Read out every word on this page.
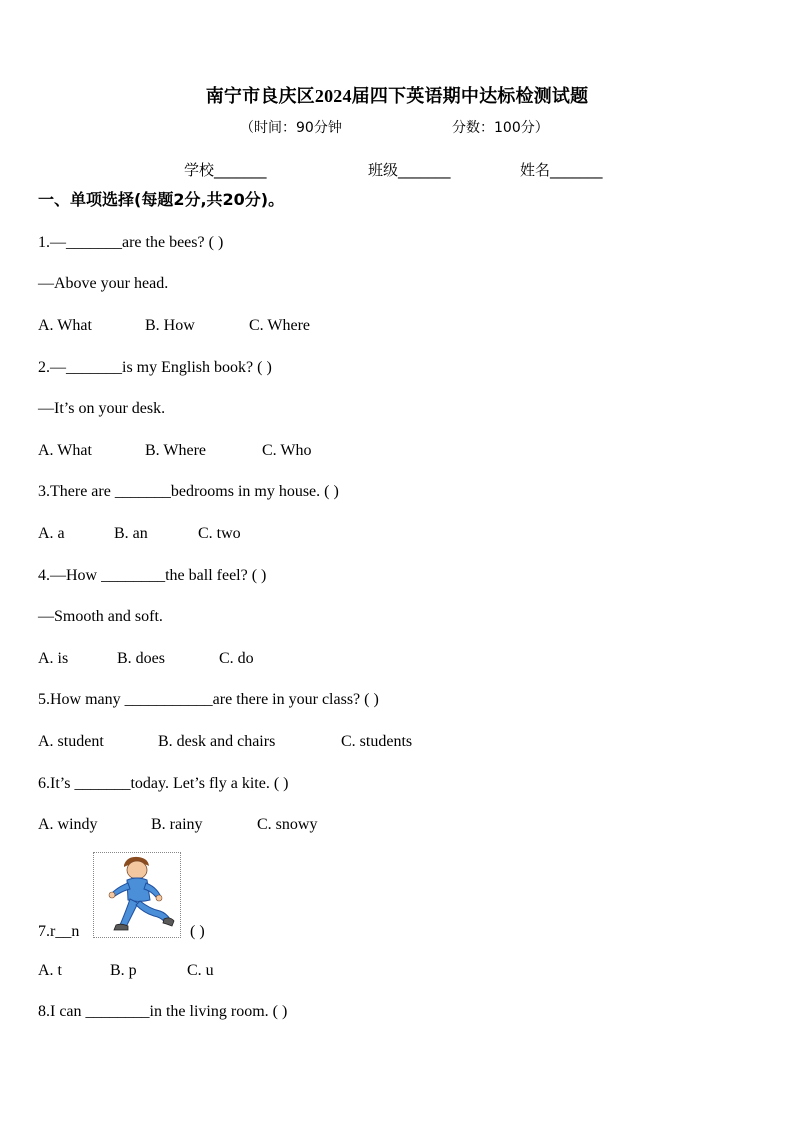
南宁市良庆区2024届四下英语期中达标检测试题
（时间：90分钟	分数：100分）
学校_______	班级_______	姓名_______
一、单项选择(每题2分,共20分)。
1.—_______are the bees? ( )
—Above your head.
A. What	B. How	C. Where
2.—_______is my English book? ( )
—It’s on your desk.
A. What	B. Where	C. Who
3.There are _______bedrooms in my house. ( )
A. a	B. an	C. two
4.—How ________the ball feel? ( )
—Smooth and soft.
A. is	B. does	C. do
5.How many ___________are there in your class? ( )
A. student	B. desk and chairs	C. students
6.It’s _______today. Let’s fly a kite. ( )
A. windy	B. rainy	C. snowy
7.r__n	( )
A. t	B. p	C. u
8.I can ________in the living room. ( )
